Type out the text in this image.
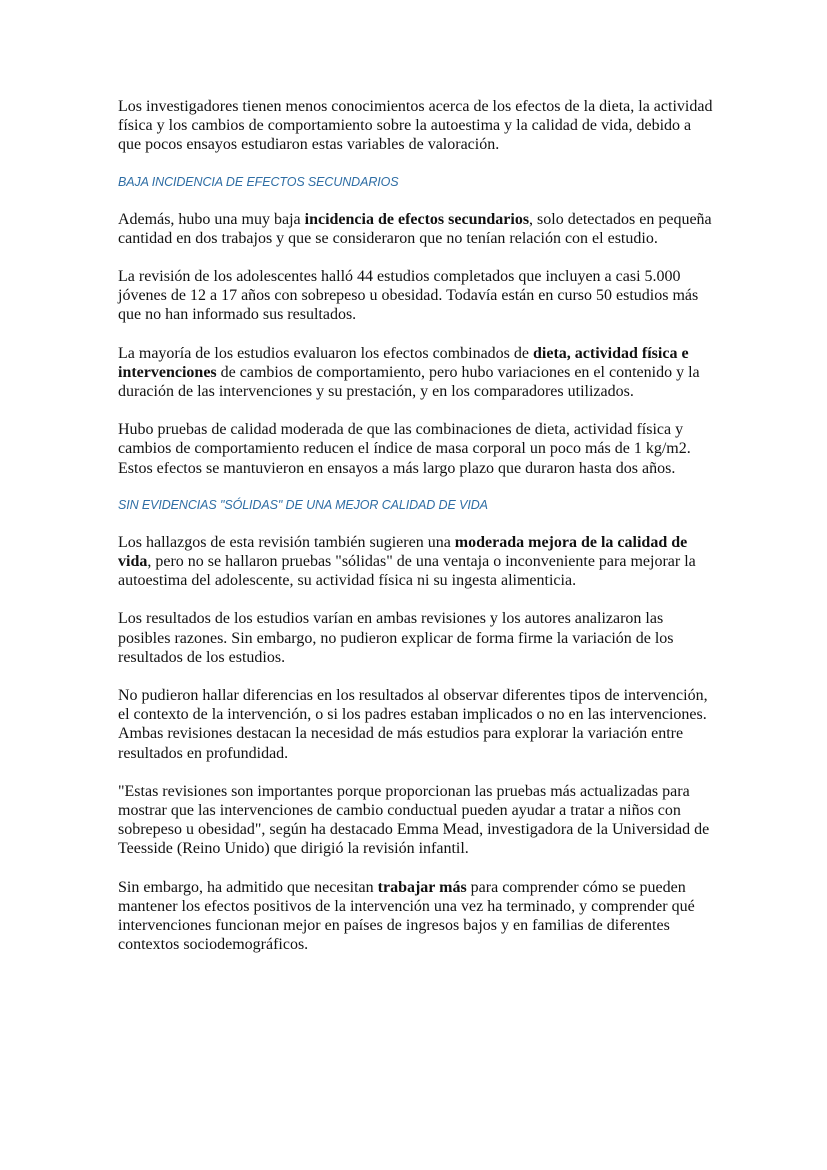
Los investigadores tienen menos conocimientos acerca de los efectos de la dieta, la actividad física y los cambios de comportamiento sobre la autoestima y la calidad de vida, debido a que pocos ensayos estudiaron estas variables de valoración.

BAJA INCIDENCIA DE EFECTOS SECUNDARIOS

Además, hubo una muy baja incidencia de efectos secundarios, solo detectados en pequeña cantidad en dos trabajos y que se consideraron que no tenían relación con el estudio.

La revisión de los adolescentes halló 44 estudios completados que incluyen a casi 5.000 jóvenes de 12 a 17 años con sobrepeso u obesidad. Todavía están en curso 50 estudios más que no han informado sus resultados.

La mayoría de los estudios evaluaron los efectos combinados de dieta, actividad física e intervenciones de cambios de comportamiento, pero hubo variaciones en el contenido y la duración de las intervenciones y su prestación, y en los comparadores utilizados.

Hubo pruebas de calidad moderada de que las combinaciones de dieta, actividad física y cambios de comportamiento reducen el índice de masa corporal un poco más de 1 kg/m2. Estos efectos se mantuvieron en ensayos a más largo plazo que duraron hasta dos años.

SIN EVIDENCIAS "SÓLIDAS" DE UNA MEJOR CALIDAD DE VIDA

Los hallazgos de esta revisión también sugieren una moderada mejora de la calidad de vida, pero no se hallaron pruebas "sólidas" de una ventaja o inconveniente para mejorar la autoestima del adolescente, su actividad física ni su ingesta alimenticia.

Los resultados de los estudios varían en ambas revisiones y los autores analizaron las posibles razones. Sin embargo, no pudieron explicar de forma firme la variación de los resultados de los estudios.

No pudieron hallar diferencias en los resultados al observar diferentes tipos de intervención, el contexto de la intervención, o si los padres estaban implicados o no en las intervenciones. Ambas revisiones destacan la necesidad de más estudios para explorar la variación entre resultados en profundidad.

"Estas revisiones son importantes porque proporcionan las pruebas más actualizadas para mostrar que las intervenciones de cambio conductual pueden ayudar a tratar a niños con sobrepeso u obesidad", según ha destacado Emma Mead, investigadora de la Universidad de Teesside (Reino Unido) que dirigió la revisión infantil.

Sin embargo, ha admitido que necesitan trabajar más para comprender cómo se pueden mantener los efectos positivos de la intervención una vez ha terminado, y comprender qué intervenciones funcionan mejor en países de ingresos bajos y en familias de diferentes contextos sociodemográficos.
